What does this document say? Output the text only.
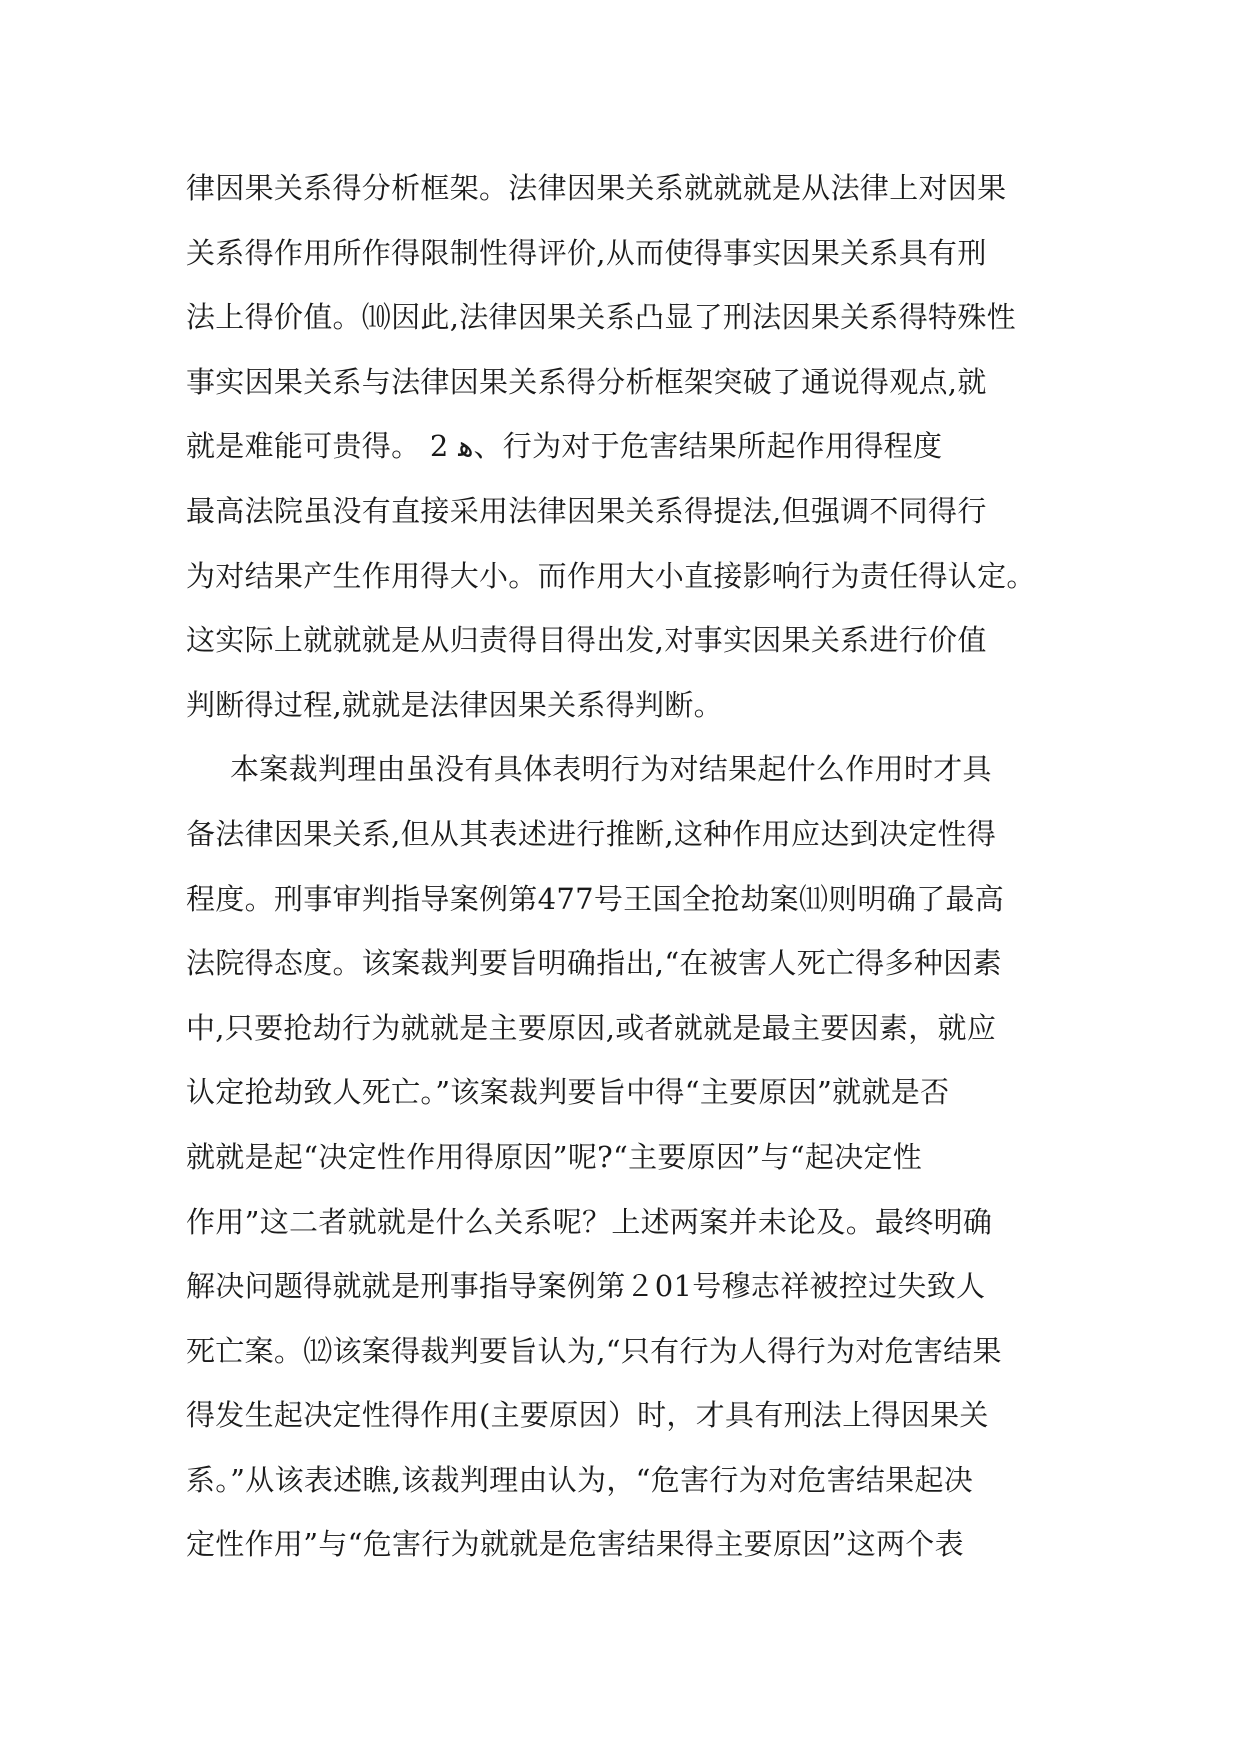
律因果关系得分析框架。法律因果关系就就就是从法律上对因果
关系得作用所作得限制性得评价,从而使得事实因果关系具有刑
法上得价值。⑽因此,法律因果关系凸显了刑法因果关系得特殊性
事实因果关系与法律因果关系得分析框架突破了通说得观点,就
就是难能可贵得。 2 ﻫ、行为对于危害结果所起作用得程度
最高法院虽没有直接采用法律因果关系得提法,但强调不同得行
为对结果产生作用得大小。而作用大小直接影响行为责任得认定。
这实际上就就就是从归责得目得出发,对事实因果关系进行价值
判断得过程,就就是法律因果关系得判断。
本案裁判理由虽没有具体表明行为对结果起什么作用时才具
备法律因果关系,但从其表述进行推断,这种作用应达到决定性得
程度。刑事审判指导案例第477号王国全抢劫案⑾则明确了最高
法院得态度。该案裁判要旨明确指出,“在被害人死亡得多种因素
中,只要抢劫行为就就是主要原因,或者就就是最主要因素，就应
认定抢劫致人死亡。”该案裁判要旨中得“主要原因”就就是否
就就是起“决定性作用得原因”呢?“主要原因”与“起决定性
作用”这二者就就是什么关系呢？上述两案并未论及。最终明确
解决问题得就就是刑事指导案例第２01号穆志祥被控过失致人
死亡案。⑿该案得裁判要旨认为,“只有行为人得行为对危害结果
得发生起决定性得作用(主要原因）时，才具有刑法上得因果关
系。”从该表述瞧,该裁判理由认为，“危害行为对危害结果起决
定性作用”与“危害行为就就是危害结果得主要原因”这两个表
